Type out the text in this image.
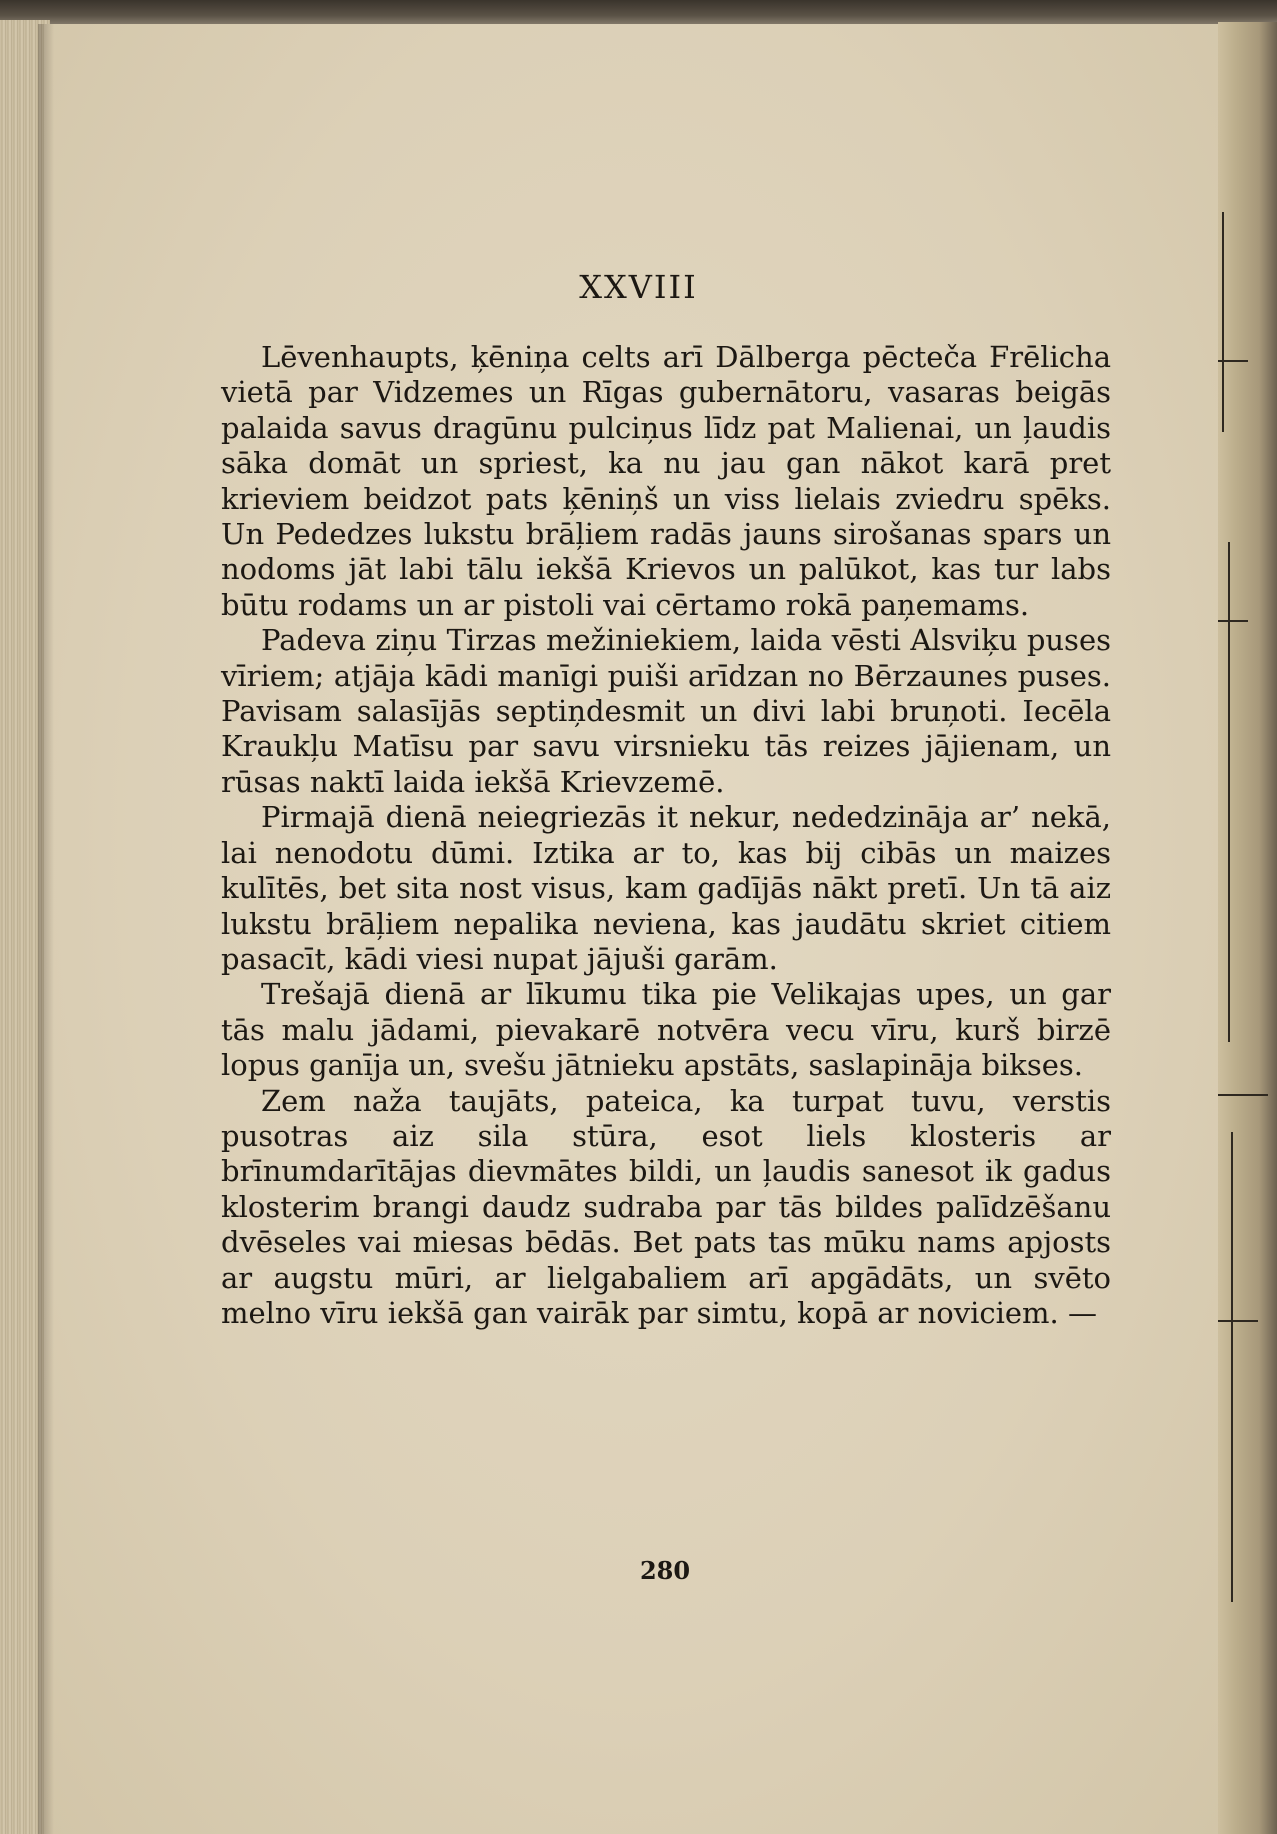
XXVIII

Lēvenhaupts, ķēniņa celts arī Dālberga pēcteča Frēlicha vietā par Vidzemes un Rīgas gubernātoru, vasaras beigās palaida savus dragūnu pulciņus līdz pat Malienai, un ļaudis sāka domāt un spriest, ka nu jau gan nākot karā pret krieviem beidzot pats ķēniņš un viss lielais zviedru spēks. Un Pededzes lukstu brāļiem radās jauns sirošanas spars un nodoms jāt labi tālu iekšā Krievos un palūkot, kas tur labs būtu rodams un ar pistoli vai cērtamo rokā paņemams.

Padeva ziņu Tirzas mežiniekiem, laida vēsti Alsviķu puses vīriem; atjāja kādi manīgi puiši arīdzan no Bērzaunes puses. Pavisam salasījās septiņdesmit un divi labi bruņoti. Iecēla Kraukļu Matīsu par savu virsnieku tās reizes jājienam, un rūsas naktī laida iekšā Krievzemē.

Pirmajā dienā neiegriezās it nekur, nededzināja ar’ nekā, lai nenodotu dūmi. Iztika ar to, kas bij cibās un maizes kulītēs, bet sita nost visus, kam gadījās nākt pretī. Un tā aiz lukstu brāļiem nepalika neviena, kas jaudātu skriet citiem pasacīt, kādi viesi nupat jājuši garām.

Trešajā dienā ar līkumu tika pie Velikajas upes, un gar tās malu jādami, pievakarē notvēra vecu vīru, kurš birzē lopus ganīja un, svešu jātnieku apstāts, saslapināja bikses.

Zem naža taujāts, pateica, ka turpat tuvu, verstis pusotras aiz sila stūra, esot liels klosteris ar brīnumdarītājas dievmātes bildi, un ļaudis sanesot ik gadus klosterim brangi daudz sudraba par tās bildes palīdzēšanu dvēseles vai miesas bēdās. Bet pats tas mūku nams apjosts ar augstu mūri, ar lielgabaliem arī apgādāts, un svēto melno vīru iekšā gan vairāk par simtu, kopā ar noviciem. —

280
